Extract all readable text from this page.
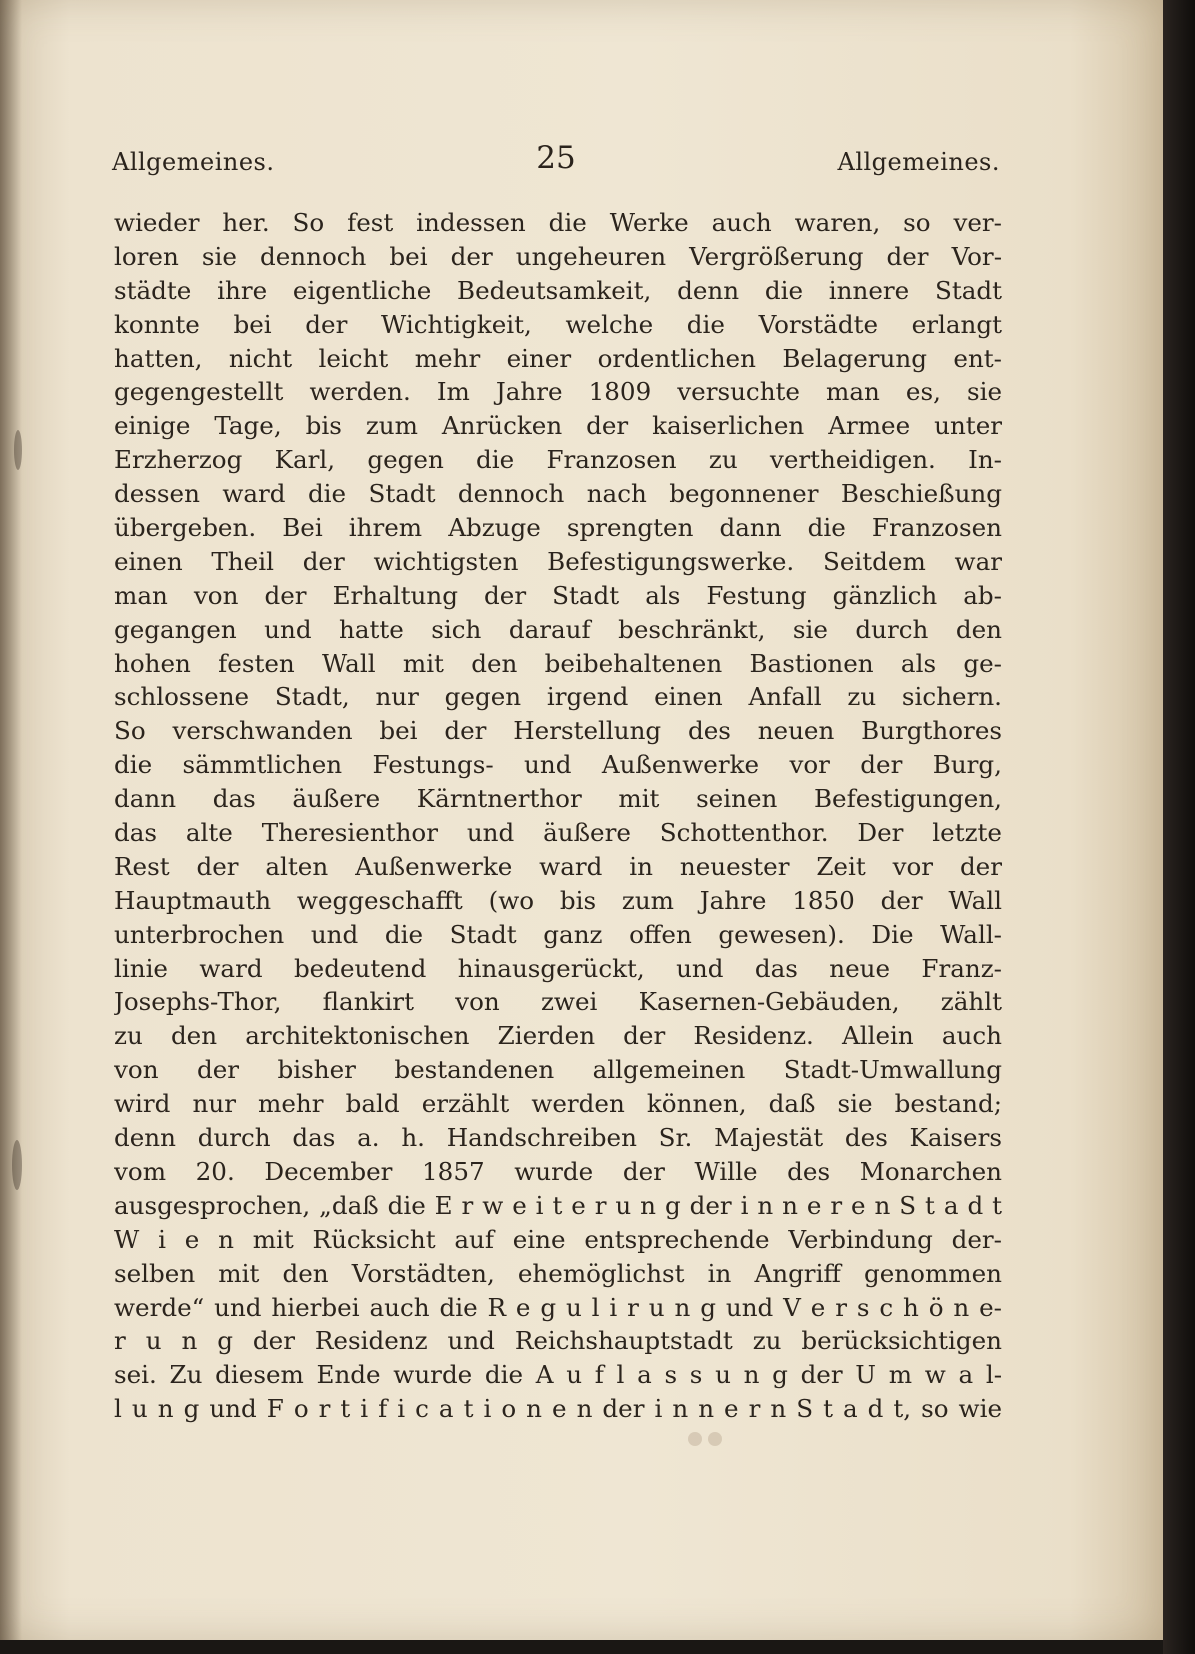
Allgemeines.	25	Allgemeines.
wieder her. So fest indessen die Werke auch waren, so ver-
loren sie dennoch bei der ungeheuren Vergrößerung der Vor-
städte ihre eigentliche Bedeutsamkeit, denn die innere Stadt
konnte bei der Wichtigkeit, welche die Vorstädte erlangt
hatten, nicht leicht mehr einer ordentlichen Belagerung ent-
gegengestellt werden. Im Jahre 1809 versuchte man es, sie
einige Tage, bis zum Anrücken der kaiserlichen Armee unter
Erzherzog Karl, gegen die Franzosen zu vertheidigen. In-
dessen ward die Stadt dennoch nach begonnener Beschießung
übergeben. Bei ihrem Abzuge sprengten dann die Franzosen
einen Theil der wichtigsten Befestigungswerke. Seitdem war
man von der Erhaltung der Stadt als Festung gänzlich ab-
gegangen und hatte sich darauf beschränkt, sie durch den
hohen festen Wall mit den beibehaltenen Bastionen als ge-
schlossene Stadt, nur gegen irgend einen Anfall zu sichern.
So verschwanden bei der Herstellung des neuen Burgthores
die sämmtlichen Festungs- und Außenwerke vor der Burg,
dann das äußere Kärntnerthor mit seinen Befestigungen,
das alte Theresienthor und äußere Schottenthor. Der letzte
Rest der alten Außenwerke ward in neuester Zeit vor der
Hauptmauth weggeschafft (wo bis zum Jahre 1850 der Wall
unterbrochen und die Stadt ganz offen gewesen). Die Wall-
linie ward bedeutend hinausgerückt, und das neue Franz-
Josephs-Thor, flankirt von zwei Kasernen-Gebäuden, zählt
zu den architektonischen Zierden der Residenz. Allein auch
von der bisher bestandenen allgemeinen Stadt-Umwallung
wird nur mehr bald erzählt werden können, daß sie bestand;
denn durch das a. h. Handschreiben Sr. Majestät des Kaisers
vom 20. December 1857 wurde der Wille des Monarchen
ausgesprochen, „daß die E r w e i t e r u n g der i n n e r e n S t a d t
W i e n mit Rücksicht auf eine entsprechende Verbindung der-
selben mit den Vorstädten, ehemöglichst in Angriff genommen
werde“ und hierbei auch die R e g u l i r u n g und V e r s c h ö n e-
r u n g der Residenz und Reichshauptstadt zu berücksichtigen
sei. Zu diesem Ende wurde die A u f l a s s u n g der U m w a l-
l u n g und F o r t i f i c a t i o n e n der i n n e r n S t a d t, so wie
